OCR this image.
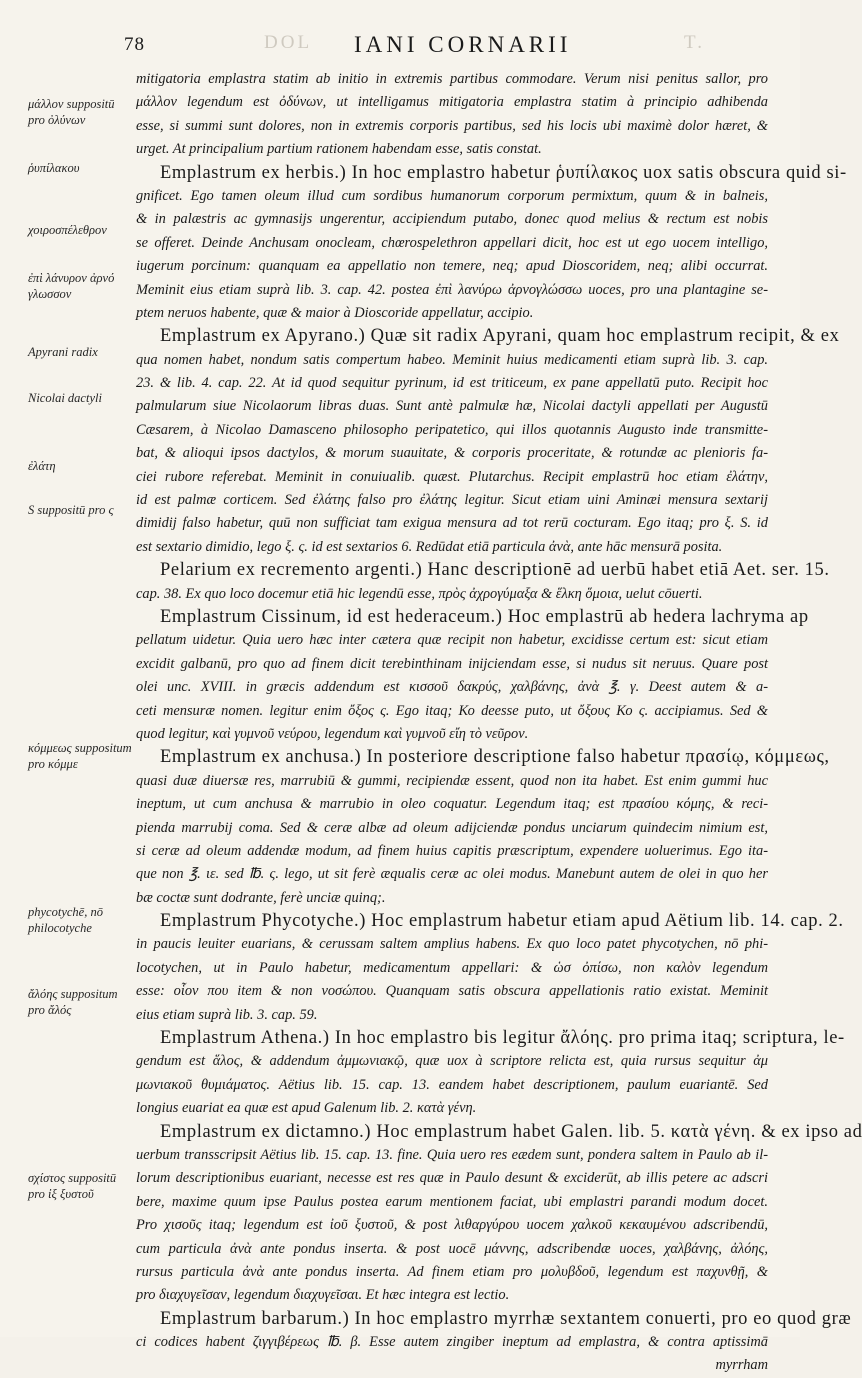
78	DOL IANI CORNARII	T.
μάλλον suppositū pro ὀλύνων
ῥυπίλακου
χοιροσπέλεθρον
ἐπὶ λάνυρον ἀρνό γλωσσον
Apyrani radix
Nicolai dactyli
ἐλάτη
S suppositū pro ς
κόμμεως suppositum pro κόμμε
phycotychē, nō philocotyche
ἄλόης suppositum pro ἄλός
σχίστος suppositū pro ἰξ ξυστοῦ
mitigatoria emplastra statim ab initio in extremis partibus commodare. Verum nisi penitus sallor, pro
μάλλον legendum est ὀδύνων, ut intelligamus mitigatoria emplastra statim à principio adhibenda
esse, si summi sunt dolores, non in extremis corporis partibus, sed his locis ubi maximè dolor hæret, &
urget. At principalium partium rationem habendam esse, satis constat.
Emplastrum ex herbis.) In hoc emplastro habetur ῥυπίλακος uox satis obscura quid si-
gnificet. Ego tamen oleum illud cum sordibus humanorum corporum permixtum, quum & in balneis,
& in palæstris ac gymnasijs ungerentur, accipiendum putabo, donec quod melius & rectum est nobis
se offeret. Deinde Anchusam onocleam, chœrospelethron appellari dicit, hoc est ut ego uocem intelligo,
iugerum porcinum: quanquam ea appellatio non temere, neq; apud Dioscoridem, neq; alibi occurrat.
Meminit eius etiam suprà lib. 3. cap. 42. postea ἐπὶ λανύρω ἀρνογλώσσω uoces, pro una plantagine se-
ptem neruos habente, quæ & maior à Dioscoride appellatur, accipio.
Emplastrum ex Apyrano.) Quæ sit radix Apyrani, quam hoc emplastrum recipit, & ex
qua nomen habet, nondum satis compertum habeo. Meminit huius medicamenti etiam suprà lib. 3. cap.
23. & lib. 4. cap. 22. At id quod sequitur pyrinum, id est triticeum, ex pane appellatū puto. Recipit hoc
palmularum siue Nicolaorum libras duas. Sunt antè palmulæ hæ, Nicolai dactyli appellati per Augustū
Cæsarem, à Nicolao Damasceno philosopho peripatetico, qui illos quotannis Augusto inde transmitte-
bat, & alioqui ipsos dactylos, & morum suauitate, & corporis proceritate, & rotundæ ac plenioris fa-
ciei rubore referebat. Meminit in conuiualib. quæst. Plutarchus. Recipit emplastrū hoc etiam ἐλάτην,
id est palmæ corticem. Sed ἐλάτης falso pro ἐλάτης legitur. Sicut etiam uini Aminæi mensura sextarij
dimidij falso habetur, quū non sufficiat tam exigua mensura ad tot rerū cocturam. Ego itaq; pro ξ. S. id
est sextario dimidio, lego ξ. ς. id est sextarios 6. Redūdat etiā particula ἀνὰ, ante hāc mensurā posita.
Pelarium ex recremento argenti.) Hanc descriptionē ad uerbū habet etiā Aet. ser. 15.
cap. 38. Ex quo loco docemur etiā hic legendū esse, πρὸς ἀχρογύμαξα & ἕλκη ὅμοια, uelut cōuerti.
Emplastrum Cissinum, id est hederaceum.) Hoc emplastrū ab hedera lachryma ap
pellatum uidetur. Quia uero hæc inter cætera quæ recipit non habetur, excidisse certum est: sicut etiam
excidit galbanū, pro quo ad finem dicit terebinthinam inijciendam esse, si nudus sit neruus. Quare post
olei unc. XVIII. in græcis addendum est κισσοῦ δακρύς, χαλβάνης, ἀνὰ ℥. γ. Deest autem & a-
ceti mensuræ nomen. legitur enim ὄξος ς. Ego itaq; Κο deesse puto, ut ὄξους Κο ς. accipiamus. Sed &
quod legitur, καὶ γυμνοῦ νεύρου, legendum καὶ γυμνοῦ εἴη τὸ νεῦρον.
Emplastrum ex anchusa.) In posteriore descriptione falso habetur πρασίῳ, κόμμεως,
quasi duæ diuersæ res, marrubiū & gummi, recipiendæ essent, quod non ita habet. Est enim gummi huc
ineptum, ut cum anchusa & marrubio in oleo coquatur. Legendum itaq; est πρασίου κόμης, & reci-
pienda marrubij coma. Sed & ceræ albæ ad oleum adijciendæ pondus unciarum quindecim nimium est,
si ceræ ad oleum addendæ modum, ad finem huius capitis præscriptum, expendere uoluerimus. Ego ita-
que non ℥. ιε. sed ℔. ς. lego, ut sit ferè æqualis ceræ ac olei modus. Manebunt autem de olei in quo her
bæ coctæ sunt dodrante, ferè unciæ quinq;.
Emplastrum Phycotyche.) Hoc emplastrum habetur etiam apud Aëtium lib. 14. cap. 2.
in paucis leuiter euarians, & cerussam saltem amplius habens. Ex quo loco patet phycotychen, nō phi-
locotychen, ut in Paulo habetur, medicamentum appellari: & ὡσ ὀπίσω, non καλὸν legendum
esse: οἷον που item & non νοσώπου. Quanquam satis obscura appellationis ratio existat. Meminit
eius etiam suprà lib. 3. cap. 59.
Emplastrum Athena.) In hoc emplastro bis legitur ἄλόης. pro prima itaq; scriptura, le-
gendum est ἅλος, & addendum ἀμμωνιακῷ, quæ uox à scriptore relicta est, quia rursus sequitur ἀμ
μωνιακοῦ θυμιάματος. Aëtius lib. 15. cap. 13. eandem habet descriptionem, paulum euariantē. Sed
longius euariat ea quæ est apud Galenum lib. 2. κατὰ γένη.
Emplastrum ex dictamno.) Hoc emplastrum habet Galen. lib. 5. κατὰ γένη. & ex ipso ad
uerbum transscripsit Aëtius lib. 15. cap. 13. fine. Quia uero res eædem sunt, pondera saltem in Paulo ab il-
lorum descriptionibus euariant, necesse est res quæ in Paulo desunt & exciderūt, ab illis petere ac adscri
bere, maxime quum ipse Paulus postea earum mentionem faciat, ubi emplastri parandi modum docet.
Pro χισοῦς itaq; legendum est ἰοῦ ξυστοῦ, & post λιθαργύρου uocem χαλκοῦ κεκαυμένου adscribendū,
cum particula ἀνὰ ante pondus inserta. & post uocē μάννης, adscribendæ uoces, χαλβάνης, ἀλόης,
rursus particula ἀνὰ ante pondus inserta. Ad finem etiam pro μολυβδοῦ, legendum est παχυνθῇ, &
pro διαχυγεῖσαν, legendum διαχυγεῖσαι. Et hæc integra est lectio.
Emplastrum barbarum.) In hoc emplastro myrrhæ sextantem conuerti, pro eo quod græ
ci codices habent ζιγγιβέρεως ℔. β. Esse autem zingiber ineptum ad emplastra, & contra aptissimā
myrrham
